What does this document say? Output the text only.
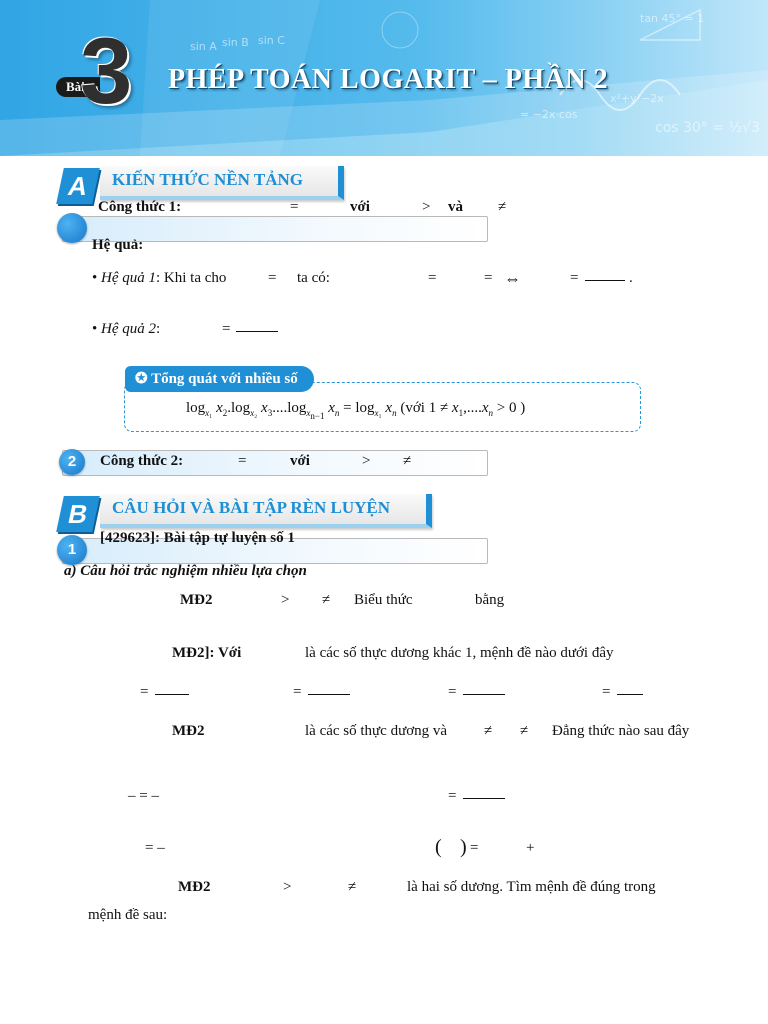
sin A sin B sin C
tan 45° = 1
x²+y²−2x
cos 30° = ½√3
= −2x·cos
Bài
3 PHÉP TOÁN LOGARIT – PHẦN 2
A	KIẾN THỨC NỀN TẢNG
Công thức 1:	=	với	> và ≠
Hệ quả:
• Hệ quả 1: Khi ta cho	= ta có:	=	= ⇔	=	.
• Hệ quả 2:	=
✪ Tổng quát với nhiều số
$\log_{x_1} x_2.\log_{x_2}$ $x_3....\log_{x_{n-1}}$ $x_n = \log_{x_1} x_n$ (với $1 \ne x_1,....x_n > 0$ )
2	Công thức 2:	=	với	> ≠
B	CÂU HỎI VÀ BÀI TẬP RÈN LUYỆN
1
[429623]: Bài tập tự luyện số 1
a) Câu hỏi trắc nghiệm nhiều lựa chọn
MĐ2	> ≠ Biểu thức	bằng
MĐ2]: Với	là các số thực dương khác 1, mệnh đề nào dưới đây
=	=	=	=
MĐ2	là các số thực dương và ≠ ≠ Đẳng thức nào sau đây
– = –	=
= –	( ) =	+
MĐ2	>	≠	là hai số dương. Tìm mệnh đề đúng trong
mệnh đề sau:
